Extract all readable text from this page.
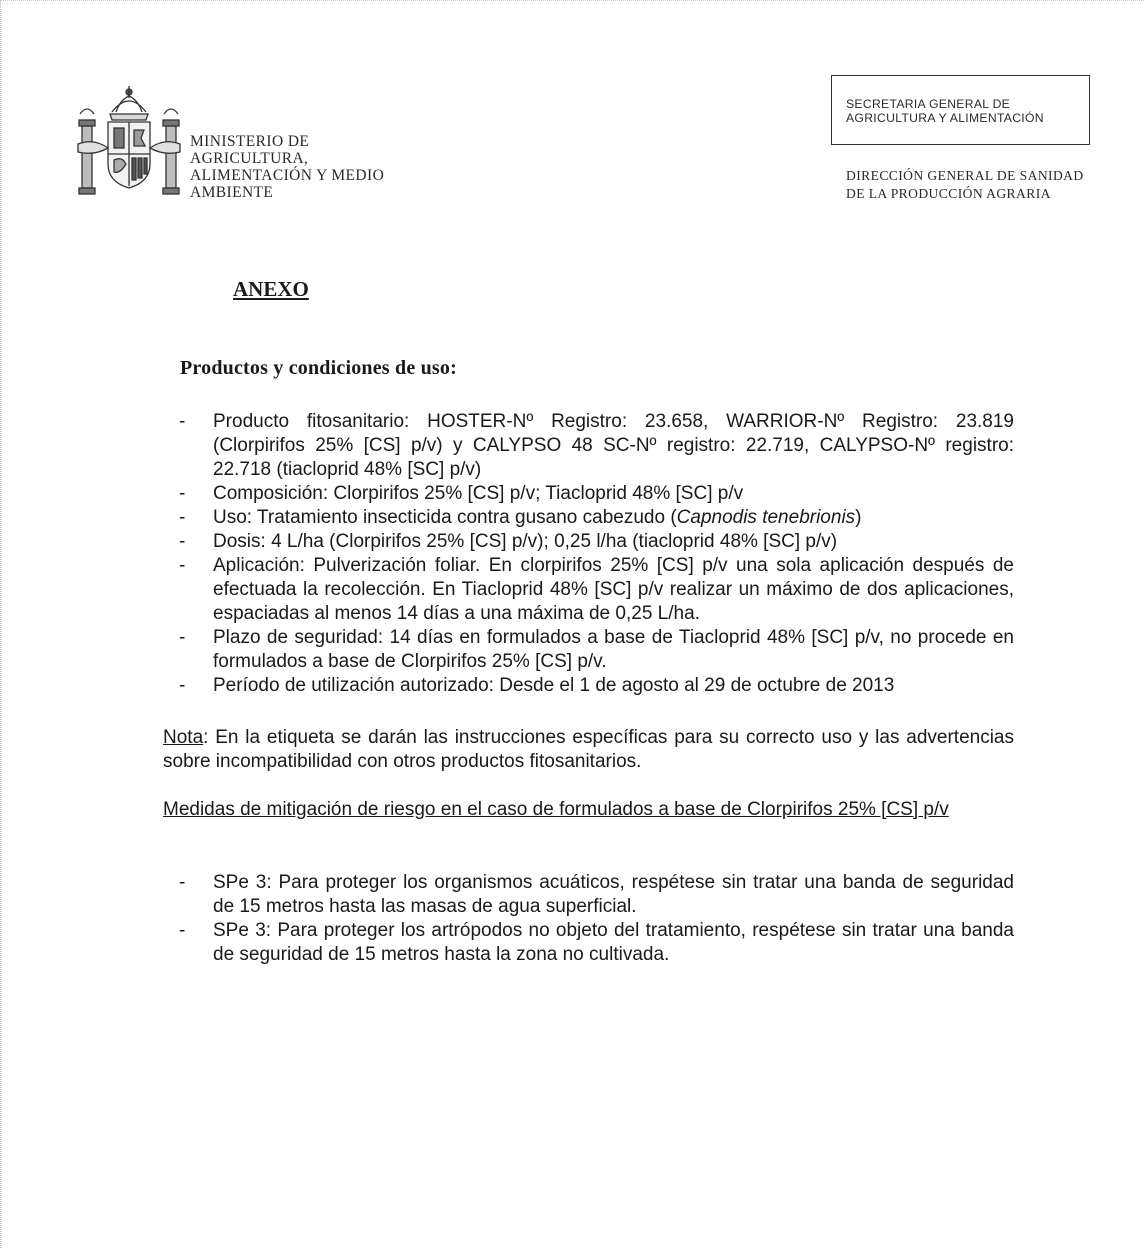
MINISTERIO DE
AGRICULTURA,
ALIMENTACIÓN Y MEDIO
AMBIENTE
SECRETARIA GENERAL DE
AGRICULTURA Y ALIMENTACIÓN
DIRECCIÓN GENERAL DE SANIDAD
DE LA PRODUCCIÓN AGRARIA
ANEXO
Productos y condiciones de uso:
- Producto fitosanitario: HOSTER-Nº Registro: 23.658, WARRIOR-Nº Registro: 23.819 (Clorpirifos 25% [CS] p/v) y CALYPSO 48 SC-Nº registro: 22.719, CALYPSO-Nº registro: 22.718 (tiacloprid 48% [SC] p/v)
- Composición: Clorpirifos 25% [CS] p/v; Tiacloprid 48% [SC] p/v
- Uso: Tratamiento insecticida contra gusano cabezudo (Capnodis tenebrionis)
- Dosis: 4 L/ha (Clorpirifos 25% [CS] p/v); 0,25 l/ha (tiacloprid 48% [SC] p/v)
- Aplicación: Pulverización foliar. En clorpirifos 25% [CS] p/v una sola aplicación después de efectuada la recolección. En Tiacloprid 48% [SC] p/v realizar un máximo de dos aplicaciones, espaciadas al menos 14 días a una máxima de 0,25 L/ha.
- Plazo de seguridad: 14 días en formulados a base de Tiacloprid 48% [SC] p/v, no procede en formulados a base de Clorpirifos 25% [CS] p/v.
- Período de utilización autorizado: Desde el 1 de agosto al 29 de octubre de 2013

Nota: En la etiqueta se darán las instrucciones específicas para su correcto uso y las advertencias sobre incompatibilidad con otros productos fitosanitarios.

Medidas de mitigación de riesgo en el caso de formulados a base de Clorpirifos 25% [CS] p/v

- SPe 3: Para proteger los organismos acuáticos, respétese sin tratar una banda de seguridad de 15 metros hasta las masas de agua superficial.
- SPe 3: Para proteger los artrópodos no objeto del tratamiento, respétese sin tratar una banda de seguridad de 15 metros hasta la zona no cultivada.
